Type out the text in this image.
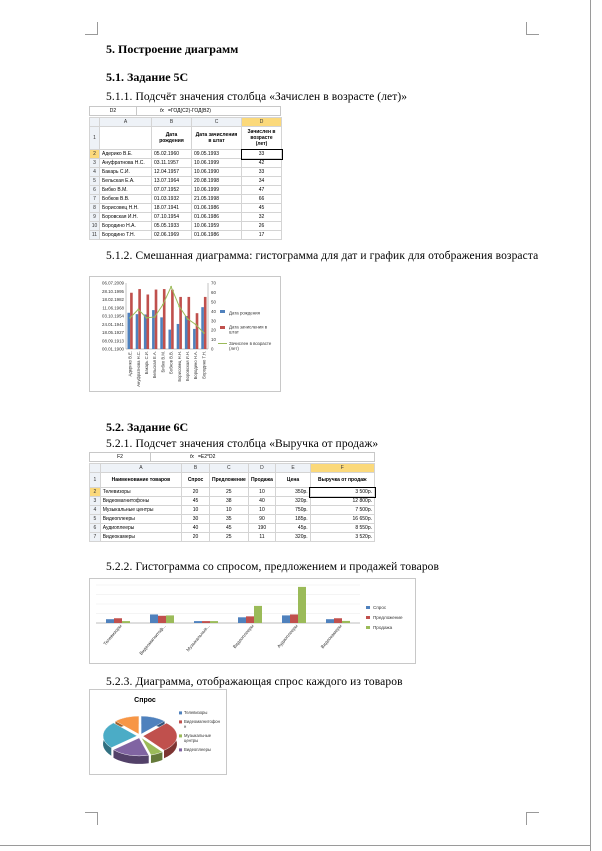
5. Построение диаграмм
5.1. Задание 5С
5.1.1. Подсчёт значения столбца «Зачислен в возрасте (лет)»
D2	fx =ГОД(C2)-ГОД(B2)
	A	B	C	D
1		Дата рождения	Дата зачисления в штат	Зачислен в возрасте (лет)
2	Адерико В.Е.	05.02.1960	09.05.1993	33
3	Ануфратнова Н.С.	03.11.1957	10.06.1999	42
4	Бакарь С.И.	12.04.1957	10.06.1990	33
5	Бельская Е.А.	13.07.1964	20.08.1998	34
6	Бибко В.М.	07.07.1952	10.06.1999	47
7	Бобков В.В.	01.03.1932	21.05.1998	66
8	Борисовец Н.Н.	18.07.1941	01.06.1986	45
9	Боровская И.Н.	07.10.1954	01.06.1986	32
10	Бородино Н.А.	05.05.1933	10.06.1959	26
11	Бородино Т.Н.	02.06.1969	01.06.1986	17
5.1.2. Смешанная диаграмма: гистограмма для дат и график для отображения возраста
06.07.2009
28.10.1995
18.02.1982
11.06.1968
03.10.1954
24.01.1941
18.05.1927
08.09.1913
00.01.1900
70
60
50
40
30
20
10
0
Адерико В.Е. Ануфратнова Н.С. Бакарь С.И. Бельская Е.А. Бибко В.М. Бобков В.В. Борисовец Н.Н. Боровская И.Н. Бородино Н.А. Бородино Т.Н.
Дата рождения
Дата зачисления в штат
Зачислен в возрасте (лет)
5.2. Задание 6С
5.2.1. Подсчет значения столбца «Выручка от продаж»
F2	fx =E2*D2
	A	B	C	D	E	F
1	Наименование товаров	Спрос	Предложение	Продажа	Цена	Выручка от продаж
2	Телевизоры	20	25	10	350р.	3 500р.
3	Видеомагнитофоны	45	38	40	320р.	12 800р.
4	Музыкальные центры	10	10	10	750р.	7 500р.
5	Видеоплееры	30	35	90	185р.	16 650р.
6	Аудиоплееры	40	45	190	45р.	8 550р.
7	Видеокамеры	20	25	11	320р.	3 520р.
5.2.2. Гистограмма со спросом, предложением и продажей товаров
Телевизоры	Видеомагнитоф...	Музыкальные...	Видеоплееры	Аудиоплееры	Видеокамеры
Спрос
Предложение
Продажа
5.2.3. Диаграмма, отображающая спрос каждого из товаров
Спрос
Телевизоры
Видеомагнитофон
н
Музыкальные
центры
Видеоплееры
